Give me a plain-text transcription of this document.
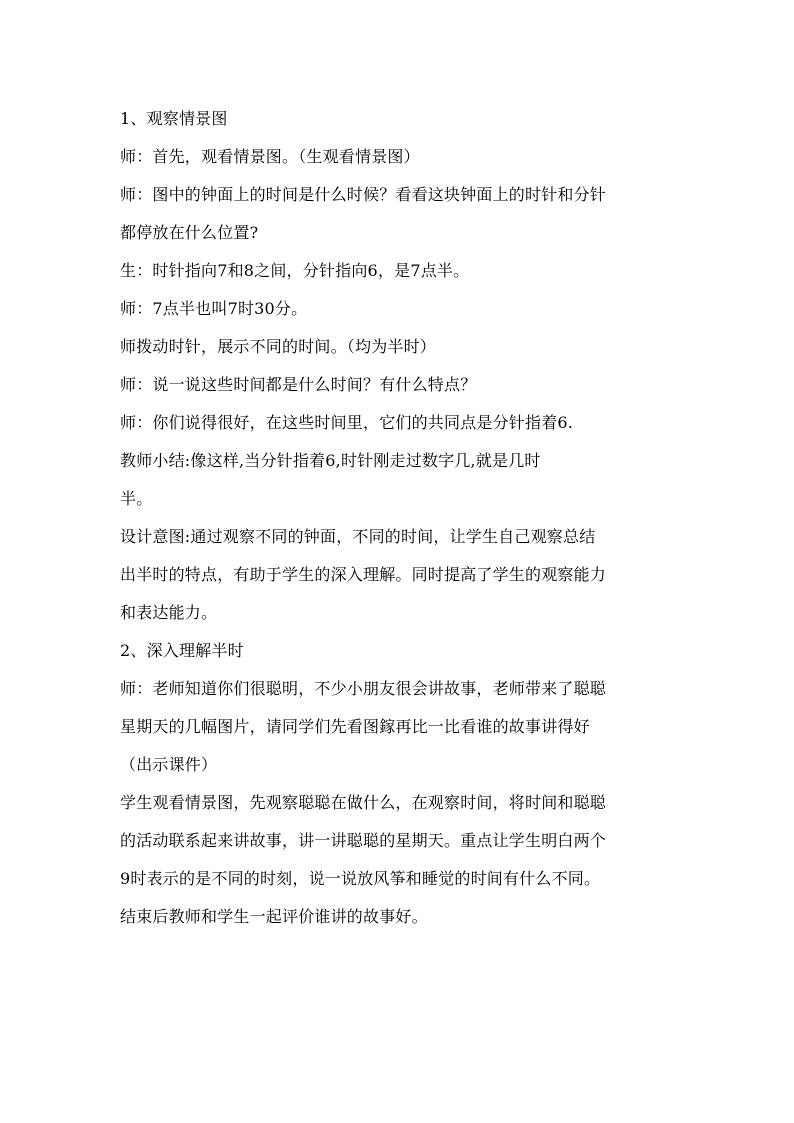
1、观察情景图
师：首先，观看情景图。（生观看情景图）
师：图中的钟面上的时间是什么时候？看看这块钟面上的时针和分针
都停放在什么位置?
生：时针指向7和8之间，分针指向6，是7点半。
师：7点半也叫7时30分。
师拨动时针，展示不同的时间。（均为半时）
师：说一说这些时间都是什么时间？有什么特点？
师：你们说得很好，在这些时间里，它们的共同点是分针指着6.
教师小结:像这样,当分针指着6,时针刚走过数字几,就是几时
半。
设计意图:通过观察不同的钟面，不同的时间，让学生自己观察总结
出半时的特点，有助于学生的深入理解。同时提高了学生的观察能力
和表达能力。
2、深入理解半时
师：老师知道你们很聪明，不少小朋友很会讲故事，老师带来了聪聪
星期天的几幅图片，请同学们先看图鎵再比一比看谁的故事讲得好
（出示课件）
学生观看情景图，先观察聪聪在做什么，在观察时间，将时间和聪聪
的活动联系起来讲故事，讲一讲聪聪的星期天。重点让学生明白两个
9时表示的是不同的时刻，说一说放风筝和睡觉的时间有什么不同。
结束后教师和学生一起评价谁讲的故事好。
